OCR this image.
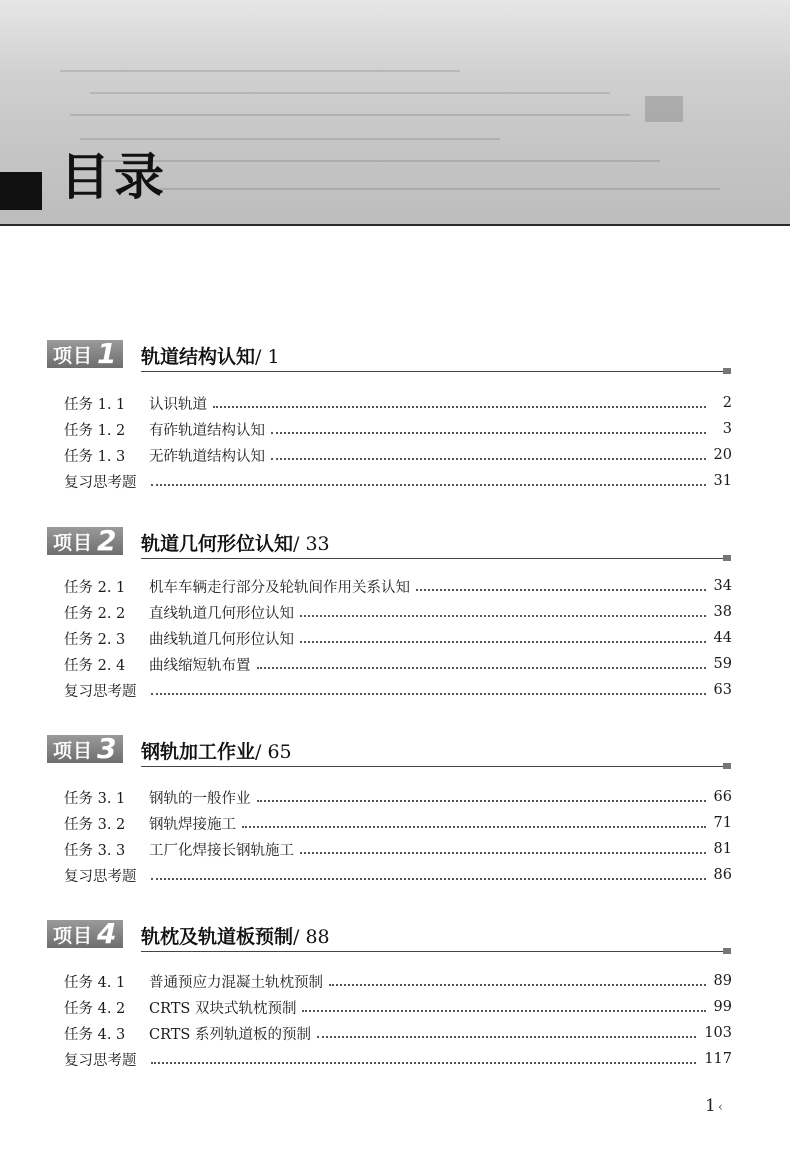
目录
项目 1 轨道结构认知/ 1
任务 1. 1	认识轨道	2
任务 1. 2	有砟轨道结构认知	3
任务 1. 3	无砟轨道结构认知	20
复习思考题	31
项目 2 轨道几何形位认知/ 33
任务 2. 1	机车车辆走行部分及轮轨间作用关系认知	34
任务 2. 2	直线轨道几何形位认知	38
任务 2. 3	曲线轨道几何形位认知	44
任务 2. 4	曲线缩短轨布置	59
复习思考题	63
项目 3 钢轨加工作业/ 65
任务 3. 1	钢轨的一般作业	66
任务 3. 2	钢轨焊接施工	71
任务 3. 3	工厂化焊接长钢轨施工	81
复习思考题	86
项目 4 轨枕及轨道板预制/ 88
任务 4. 1	普通预应力混凝土轨枕预制	89
任务 4. 2	CRTS 双块式轨枕预制	99
任务 4. 3	CRTS 系列轨道板的预制	103
复习思考题	117
1 ‹
